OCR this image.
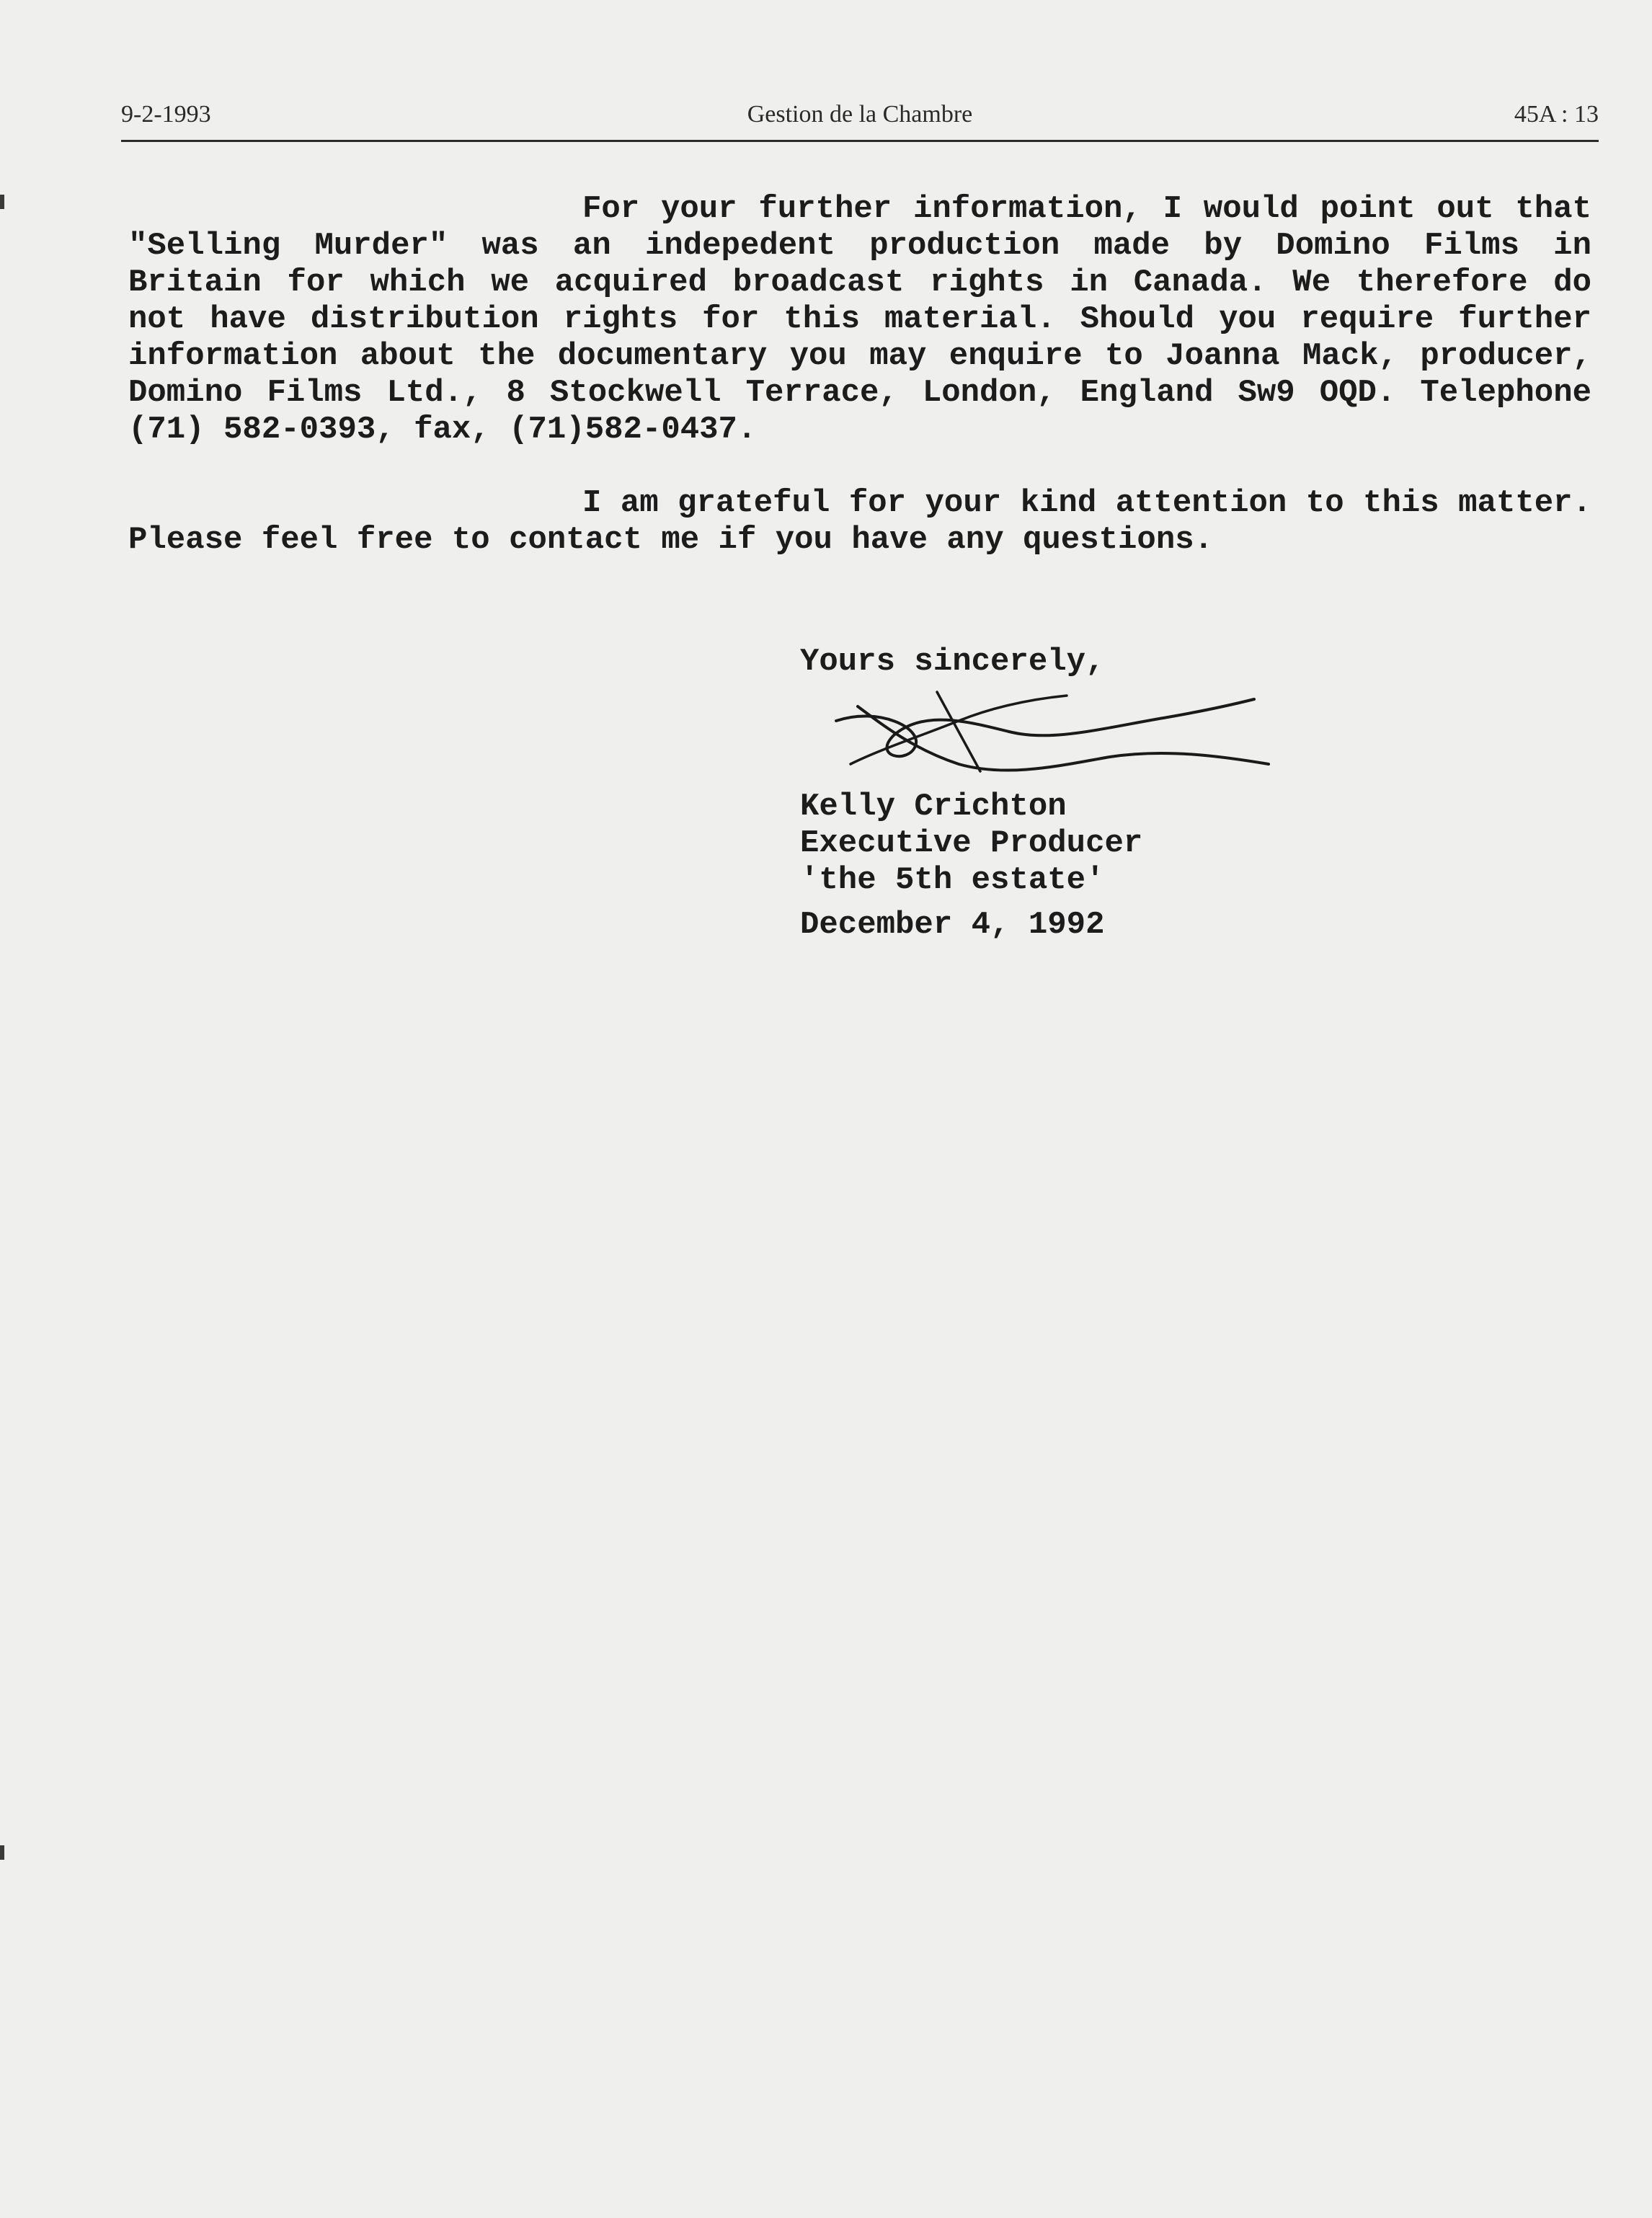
9-2-1993	Gestion de la Chambre	45A : 13

For your further information, I would point out that "Selling Murder" was an indepedent production made by Domino Films in Britain for which we acquired broadcast rights in Canada. We therefore do not have distribution rights for this material. Should you require further information about the documentary you may enquire to Joanna Mack, producer, Domino Films Ltd., 8 Stockwell Terrace, London, England Sw9 OQD. Telephone (71) 582-0393, fax, (71)582-0437.

I am grateful for your kind attention to this matter. Please feel free to contact me if you have any questions.

Yours sincerely,
Kelly Crichton
Executive Producer
'the 5th estate'
December 4, 1992
